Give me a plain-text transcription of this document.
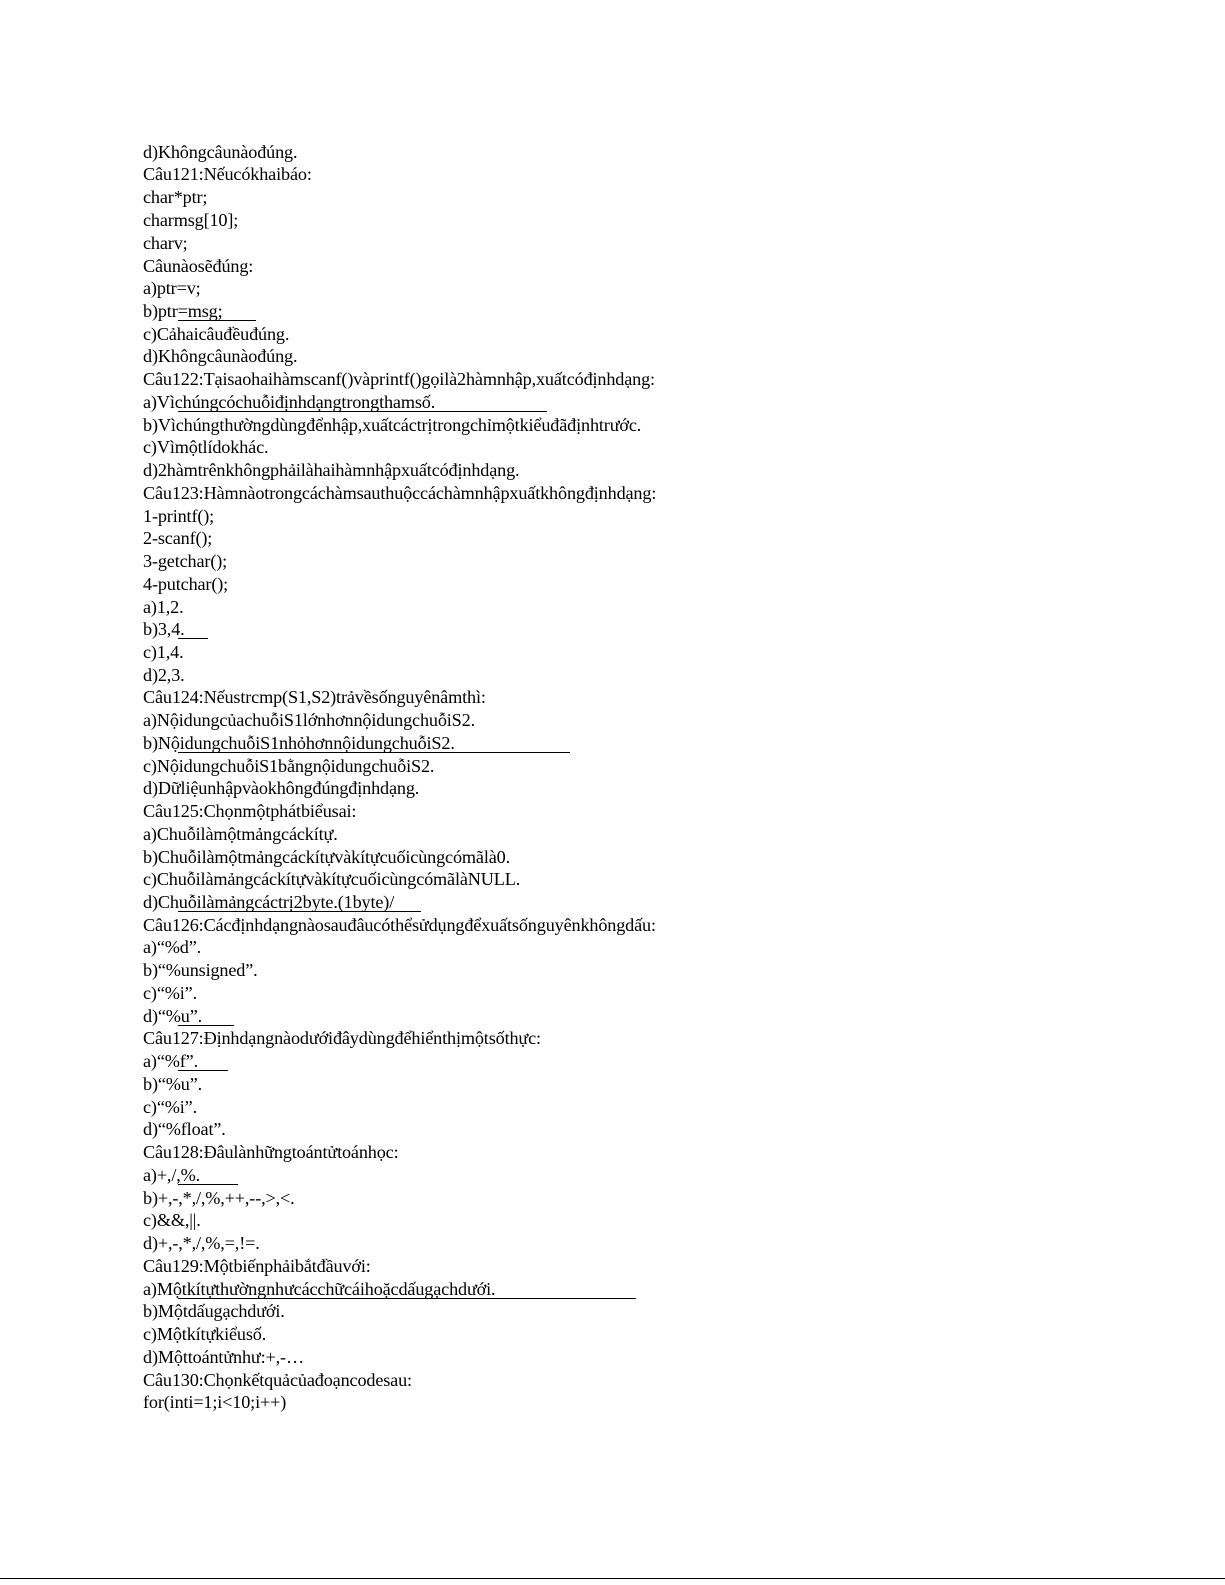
d)Khôngcâunàođúng.
Câu121:Nếucókhaibáo:
char*ptr;
charmsg[10];
charv;
Câunàosẽđúng:
a)ptr=v;
b)ptr=msg;
c)Cảhaicâuđềuđúng.
d)Khôngcâunàođúng.
Câu122:Tạisaohaihàmscanf()vàprintf()gọilà2hàmnhập,xuấtcóđịnhdạng:
a)Vìchúngcóchuỗiđịnhdạngtrongthamsố.
b)Vìchúngthườngdùngđểnhập,xuấtcáctrịtrongchỉmộtkiểuđãđịnhtrước.
c)Vìmộtlídokhác.
d)2hàmtrênkhôngphảilàhaihàmnhậpxuấtcóđịnhdạng.
Câu123:Hàmnàotrongcáchàmsauthuộccáchàmnhậpxuấtkhôngđịnhdạng:
1-printf();
2-scanf();
3-getchar();
4-putchar();
a)1,2.
b)3,4.
c)1,4.
d)2,3.
Câu124:Nếustrcmp(S1,S2)trảvềsốnguyênâmthì:
a)NộidungcủachuỗiS1lớnhơnnộidungchuỗiS2.
b)NộidungchuỗiS1nhỏhơnnộidungchuỗiS2.
c)NộidungchuỗiS1bằngnộidungchuỗiS2.
d)Dữliệunhậpvàokhôngđúngđịnhdạng.
Câu125:Chọnmộtphátbiểusai:
a)Chuỗilàmộtmảngcáckítự.
b)Chuỗilàmộtmảngcáckítựvàkítựcuốicùngcómãlà0.
c)ChuỗilàmảngcáckítựvàkítựcuốicùngcómãlàNULL.
d)Chuỗilàmảngcáctrị2byte.(1byte)/
Câu126:Cácđịnhdạngnàosauđâucóthểsửdụngđểxuấtsốnguyênkhôngdấu:
a)“%d”.
b)“%unsigned”.
c)“%i”.
d)“%u”.
Câu127:Địnhdạngnàodướiđâydùngđểhiểnthịmộtsốthực:
a)“%f”.
b)“%u”.
c)“%i”.
d)“%float”.
Câu128:Đâulànhữngtoántửtoánhọc:
a)+,/,%.
b)+,-,*,/,%,++,--,>,<.
c)&&,||.
d)+,-,*,/,%,=,!=.
Câu129:Mộtbiếnphảibắtđầuvới:
a)Mộtkítựthườngnhưcácchữcáihoặcdấugạchdưới.
b)Mộtdấugạchdưới.
c)Mộtkítựkiểusố.
d)Mộttoántửnhư:+,-…
Câu130:Chọnkếtquảcủađoạncodesau:
for(inti=1;i<10;i++)
